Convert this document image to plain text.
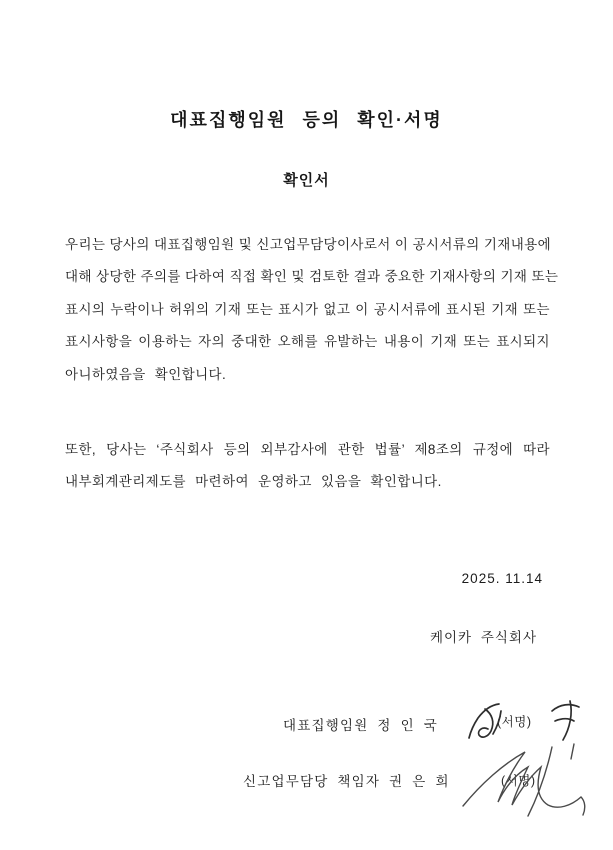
대표집행임원 등의 확인·서명
확인서
우리는 당사의 대표집행임원 및 신고업무담당이사로서 이 공시서류의 기재내용에
대해 상당한 주의를 다하여 직접 확인 및 검토한 결과 중요한 기재사항의 기재 또는
표시의 누락이나 허위의 기재 또는 표시가 없고 이 공시서류에 표시된 기재 또는
표시사항을 이용하는 자의 중대한 오해를 유발하는 내용이 기재 또는 표시되지
아니하였음을 확인합니다.
또한, 당사는 ‘주식회사 등의 외부감사에 관한 법률’ 제8조의 규정에 따라
내부회계관리제도를 마련하여 운영하고 있음을 확인합니다.
2025. 11.14
케이카 주식회사
대표집행임원 정 인 국
신고업무담당 책임자 권 은 희
(서명)
(서명)
